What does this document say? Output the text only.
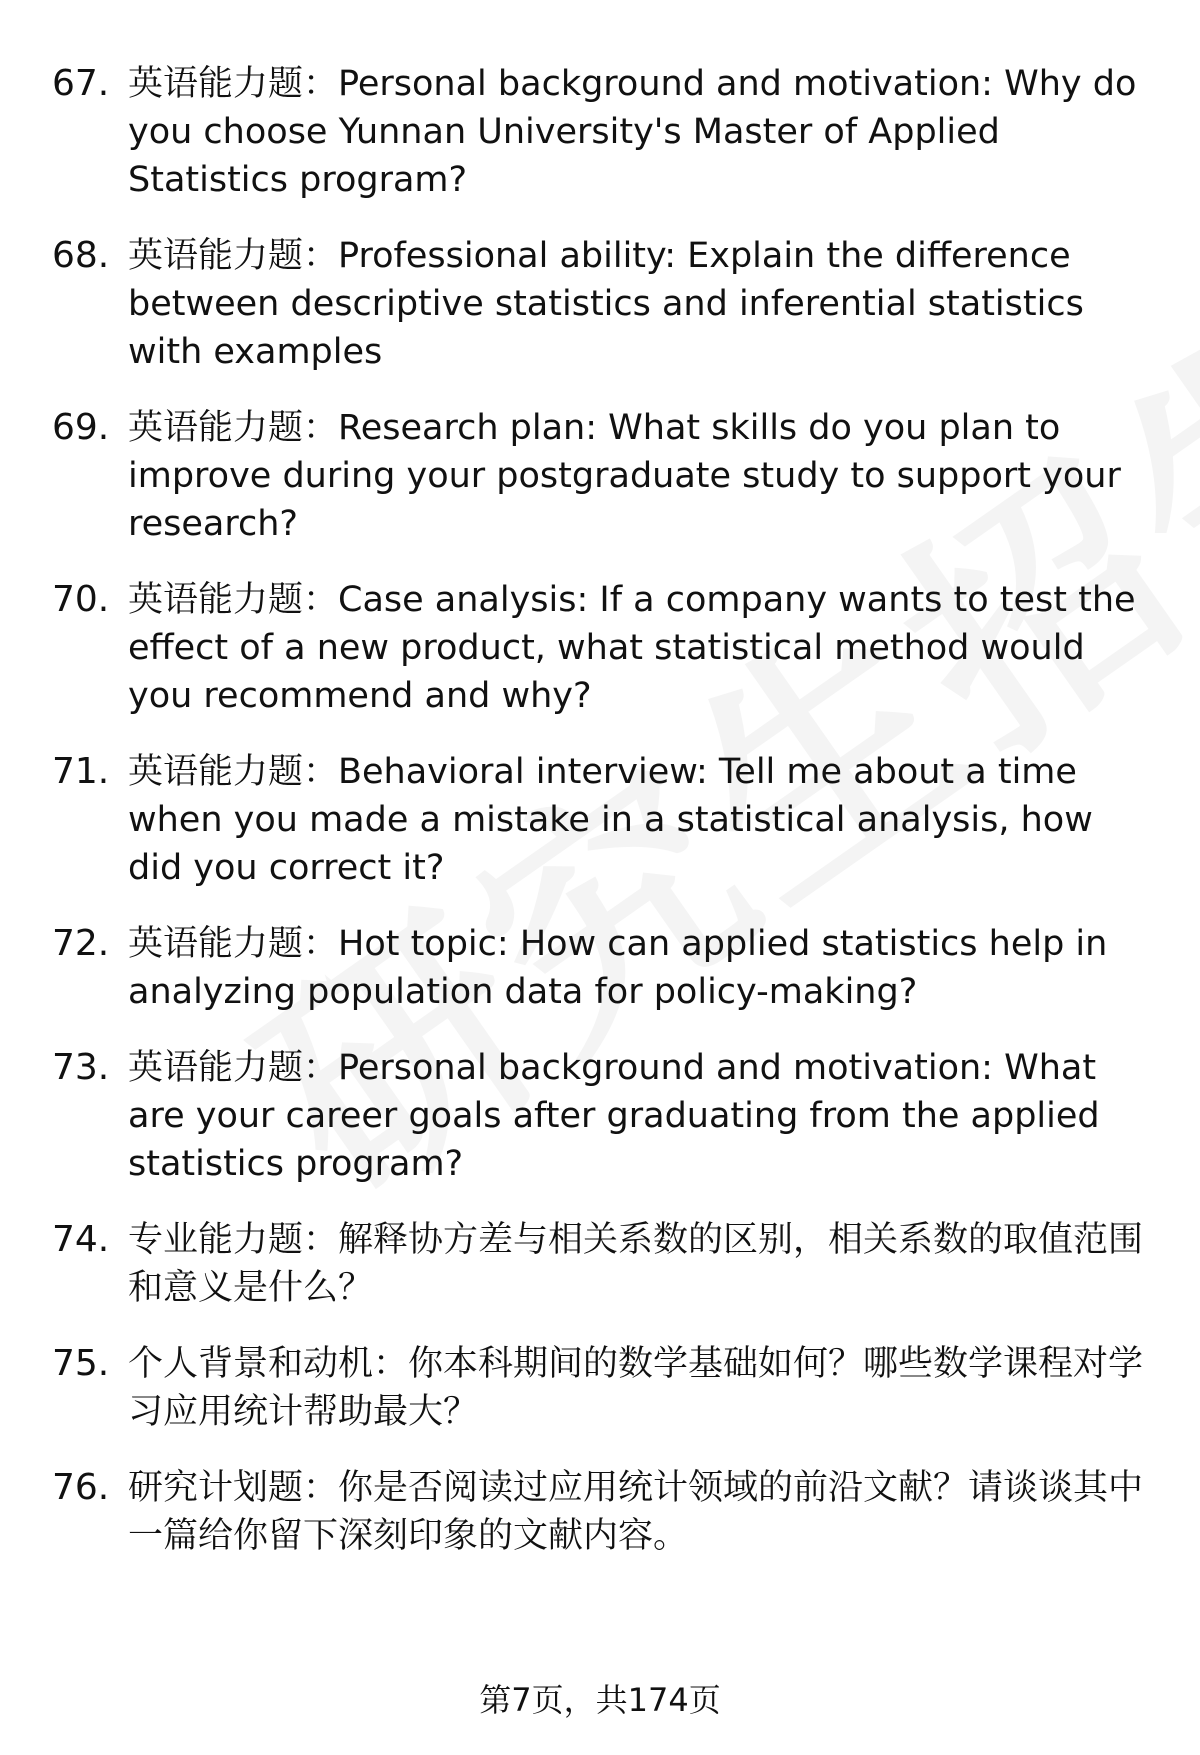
67. 英语能力题：Personal background and motivation: Why do you choose Yunnan University's Master of Applied Statistics program?
68. 英语能力题：Professional ability: Explain the difference between descriptive statistics and inferential statistics with examples
69. 英语能力题：Research plan: What skills do you plan to improve during your postgraduate study to support your research?
70. 英语能力题：Case analysis: If a company wants to test the effect of a new product, what statistical method would you recommend and why?
71. 英语能力题：Behavioral interview: Tell me about a time when you made a mistake in a statistical analysis, how did you correct it?
72. 英语能力题：Hot topic: How can applied statistics help in analyzing population data for policy-making?
73. 英语能力题：Personal background and motivation: What are your career goals after graduating from the applied statistics program?
74. 专业能力题：解释协方差与相关系数的区别，相关系数的取值范围和意义是什么？
75. 个人背景和动机：你本科期间的数学基础如何？哪些数学课程对学习应用统计帮助最大？
76. 研究计划题：你是否阅读过应用统计领域的前沿文献？请谈谈其中一篇给你留下深刻印象的文献内容。
第7页，共174页
